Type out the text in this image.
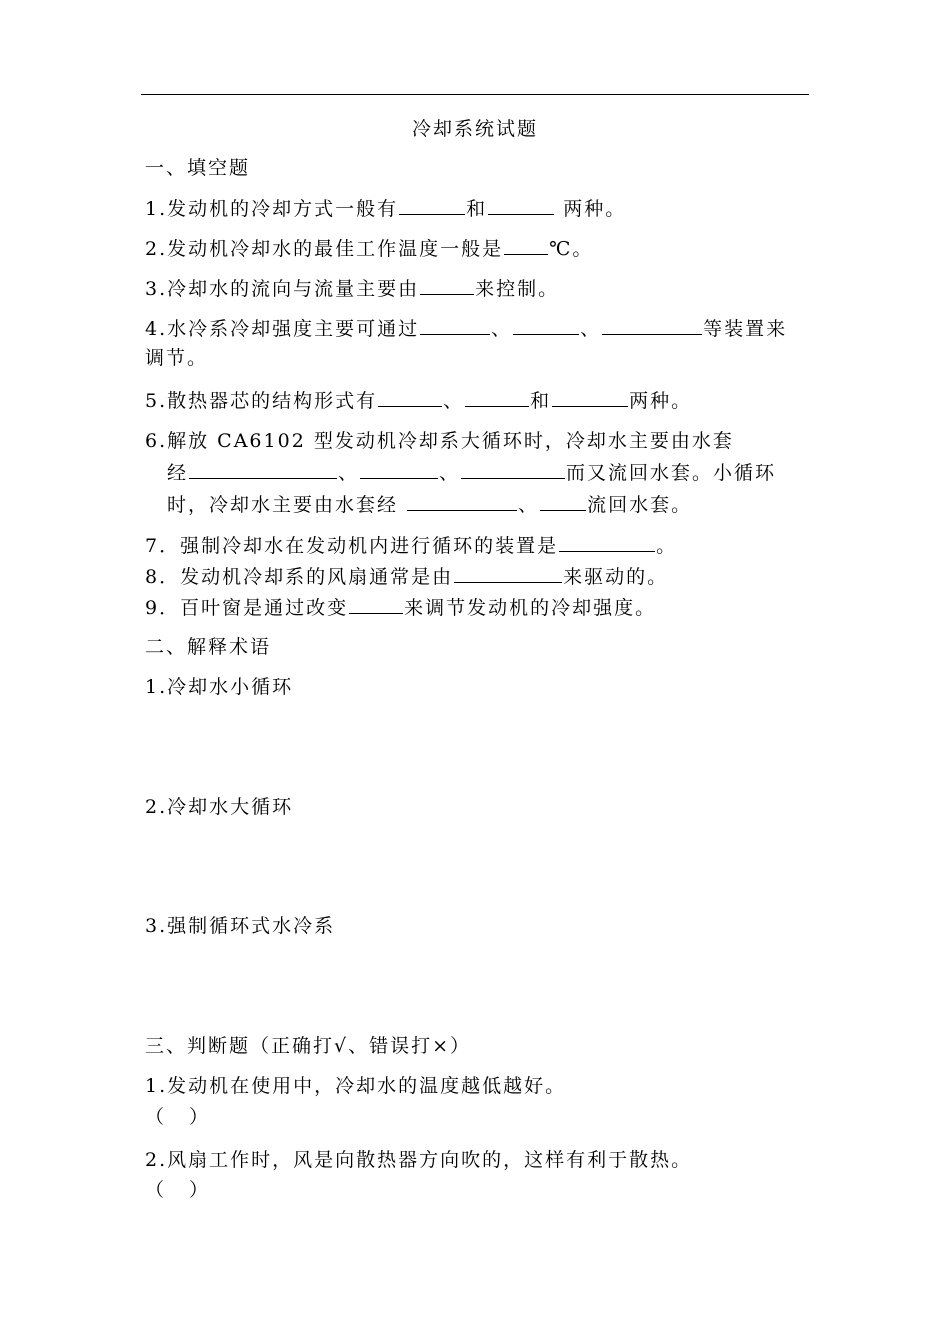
冷却系统试题
一、填空题
1.发动机的冷却方式一般有	和	两种。
2.发动机冷却水的最佳工作温度一般是 ℃。
3.冷却水的流向与流量主要由	来控制。
4.水冷系冷却强度主要可通过	、	、	等装置来
调节。
5.散热器芯的结构形式有	、	和	两种。
6.解放 CA6102 型发动机冷却系大循环时，冷却水主要由水套
经	、	、	而又流回水套。小循环
时，冷却水主要由水套经	、	流回水套。
7．强制冷却水在发动机内进行循环的装置是	。
8．发动机冷却系的风扇通常是由	来驱动的。
9．百叶窗是通过改变	来调节发动机的冷却强度。
二、解释术语
1.冷却水小循环
2.冷却水大循环
3.强制循环式水冷系
三、判断题（正确打√、错误打×）
1.发动机在使用中，冷却水的温度越低越好。
（　 ）
2.风扇工作时，风是向散热器方向吹的，这样有利于散热。
（　 ）
